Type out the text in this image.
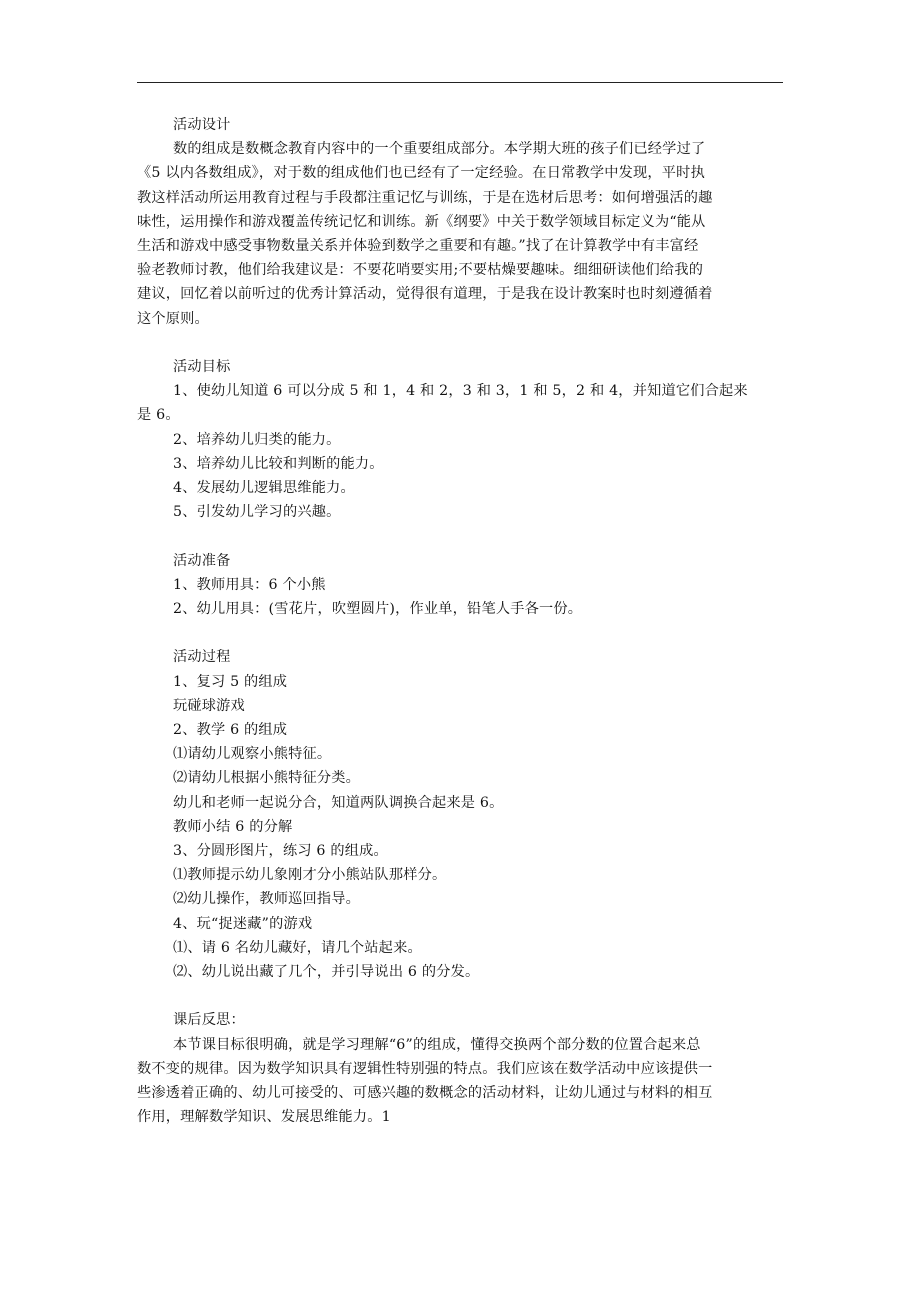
活动设计

数的组成是数概念教育内容中的一个重要组成部分。本学期大班的孩子们已经学过了
《5 以内各数组成》，对于数的组成他们也已经有了一定经验。在日常教学中发现，平时执
教这样活动所运用教育过程与手段都注重记忆与训练，于是在选材后思考：如何增强活的趣
味性，运用操作和游戏覆盖传统记忆和训练。新《纲要》中关于数学领域目标定义为“能从
生活和游戏中感受事物数量关系并体验到数学之重要和有趣。”找了在计算教学中有丰富经
验老教师讨教，他们给我建议是：不要花哨要实用;不要枯燥要趣味。细细研读他们给我的
建议，回忆着以前听过的优秀计算活动，觉得很有道理，于是我在设计教案时也时刻遵循着
这个原则。

活动目标

1、使幼儿知道 6 可以分成 5 和 1，4 和 2，3 和 3，1 和 5，2 和 4，并知道它们合起来
是 6。
2、培养幼儿归类的能力。
3、培养幼儿比较和判断的能力。
4、发展幼儿逻辑思维能力。
5、引发幼儿学习的兴趣。

活动准备

1、教师用具：6 个小熊
2、幼儿用具：(雪花片，吹塑圆片)，作业单，铅笔人手各一份。

活动过程

1、复习 5 的组成
玩碰球游戏
2、教学 6 的组成
⑴请幼儿观察小熊特征。
⑵请幼儿根据小熊特征分类。
幼儿和老师一起说分合，知道两队调换合起来是 6。
教师小结 6 的分解
3、分圆形图片，练习 6 的组成。
⑴教师提示幼儿象刚才分小熊站队那样分。
⑵幼儿操作，教师巡回指导。
4、玩“捉迷藏”的游戏
⑴、请 6 名幼儿藏好，请几个站起来。
⑵、幼儿说出藏了几个，并引导说出 6 的分发。

课后反思：

本节课目标很明确，就是学习理解“6”的组成，懂得交换两个部分数的位置合起来总
数不变的规律。因为数学知识具有逻辑性特别强的特点。我们应该在数学活动中应该提供一
些渗透着正确的、幼儿可接受的、可感兴趣的数概念的活动材料，让幼儿通过与材料的相互
作用，理解数学知识、发展思维能力。1
